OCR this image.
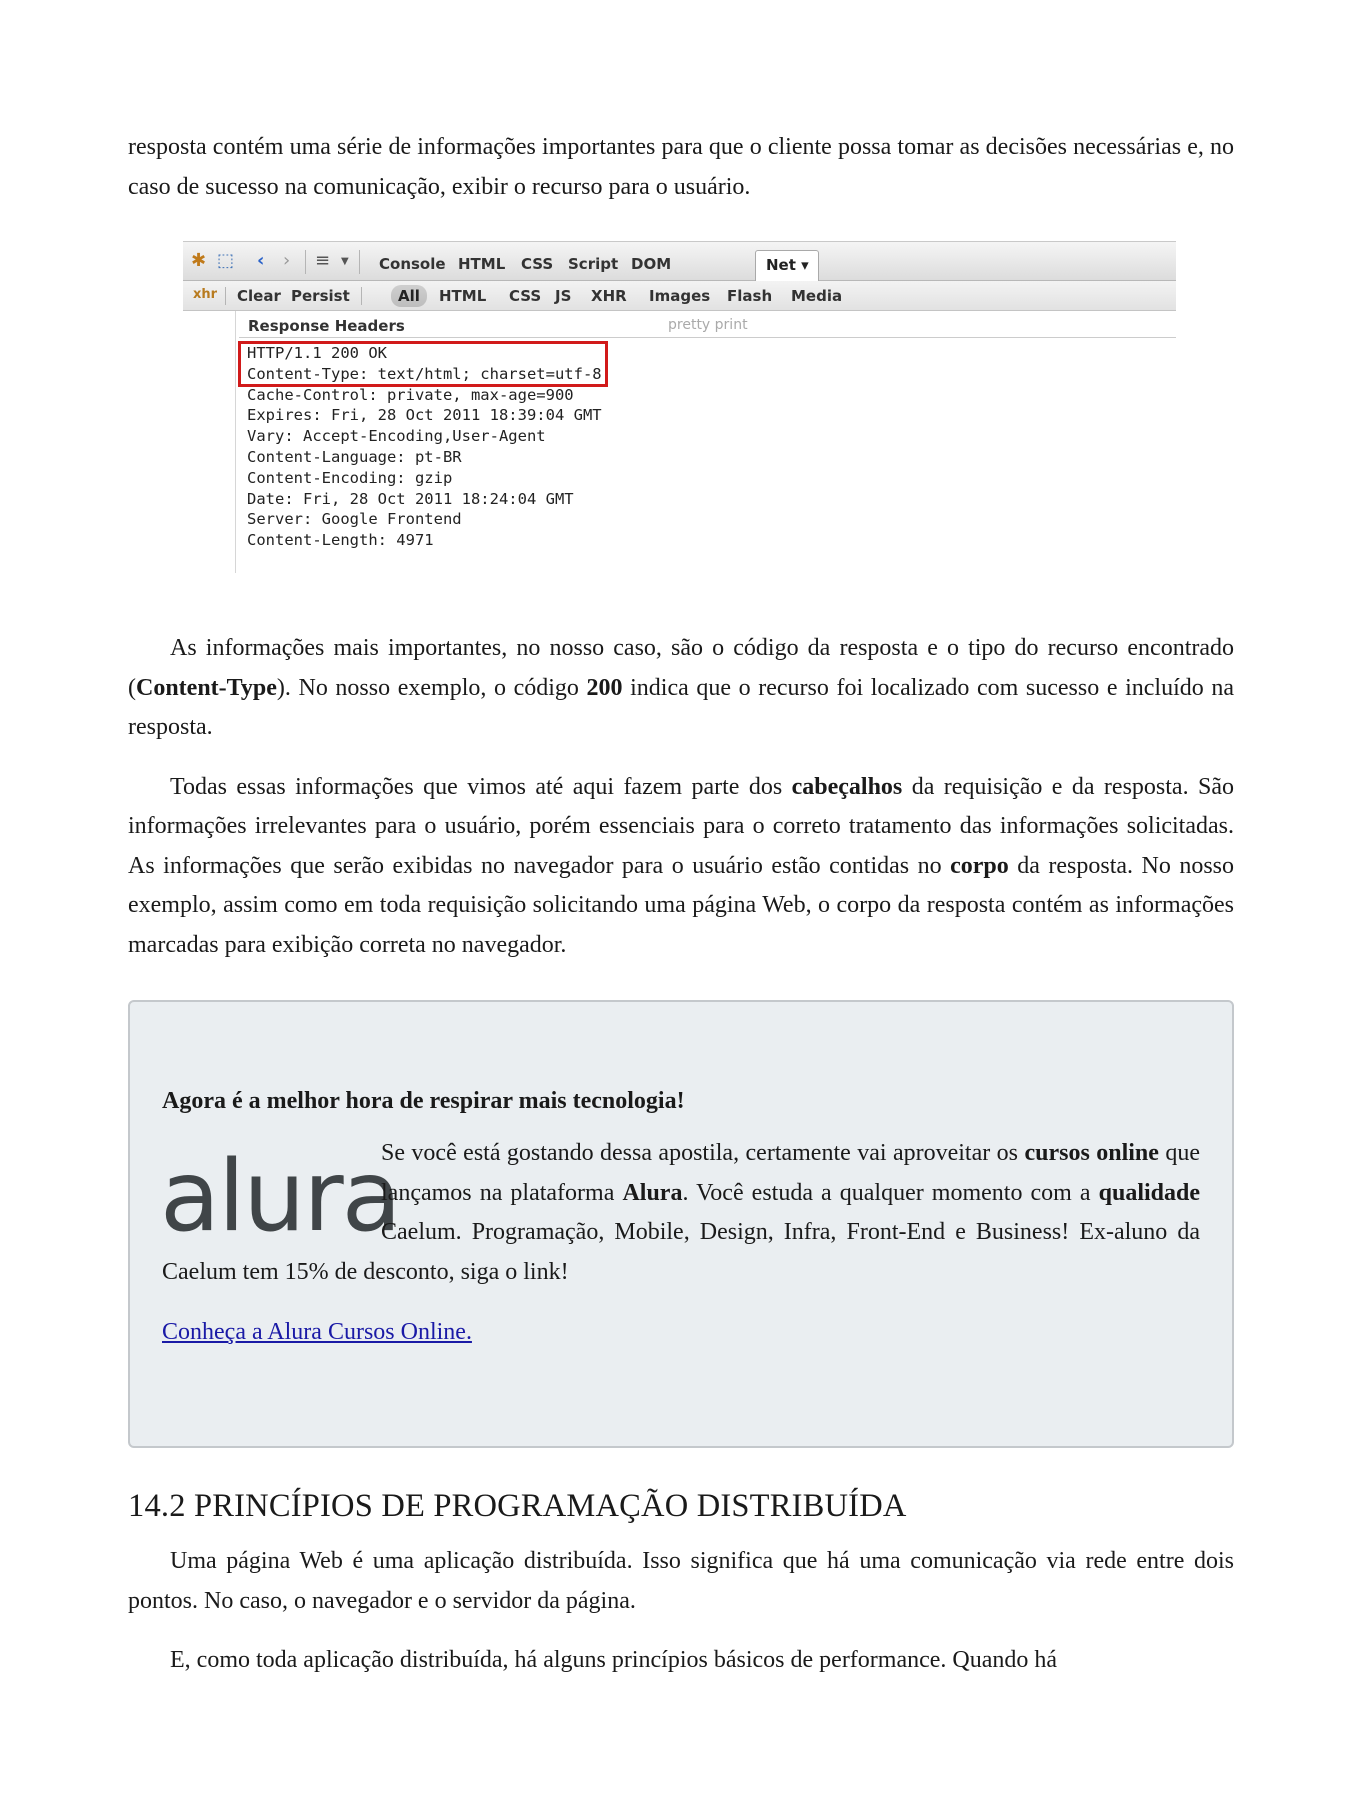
resposta contém uma série de informações importantes para que o cliente possa tomar as decisões necessárias e, no caso de sucesso na comunicação, exibir o recurso para o usuário.

✱ ⬚ ‹ › ≡ ▼ Console HTML CSS Script DOM	Net ▾
xhr Clear Persist	All	HTML CSS JS XHR Images Flash Media
Response Headers	pretty print
HTTP/1.1 200 OK
Content-Type: text/html; charset=utf-8
Cache-Control: private, max-age=900
Expires: Fri, 28 Oct 2011 18:39:04 GMT
Vary: Accept-Encoding,User-Agent
Content-Language: pt-BR
Content-Encoding: gzip
Date: Fri, 28 Oct 2011 18:24:04 GMT
Server: Google Frontend
Content-Length: 4971

As informações mais importantes, no nosso caso, são o código da resposta e o tipo do recurso encontrado (Content-Type). No nosso exemplo, o código 200 indica que o recurso foi localizado com sucesso e incluído na resposta.

Todas essas informações que vimos até aqui fazem parte dos cabeçalhos da requisição e da resposta. São informações irrelevantes para o usuário, porém essenciais para o correto tratamento das informações solicitadas. As informações que serão exibidas no navegador para o usuário estão contidas no corpo da resposta. No nosso exemplo, assim como em toda requisição solicitando uma página Web, o corpo da resposta contém as informações marcadas para exibição correta no navegador.

Agora é a melhor hora de respirar mais tecnologia!
alura

Se você está gostando dessa apostila, certamente vai aproveitar os cursos online que lançamos na plataforma Alura. Você estuda a qualquer momento com a qualidade Caelum. Programação, Mobile, Design, Infra, Front-End e Business! Ex-aluno da Caelum tem 15% de desconto, siga o link!

Conheça a Alura Cursos Online.
14.2 PRINCÍPIOS DE PROGRAMAÇÃO DISTRIBUÍDA

Uma página Web é uma aplicação distribuída. Isso significa que há uma comunicação via rede entre dois pontos. No caso, o navegador e o servidor da página.

E, como toda aplicação distribuída, há alguns princípios básicos de performance. Quando há
